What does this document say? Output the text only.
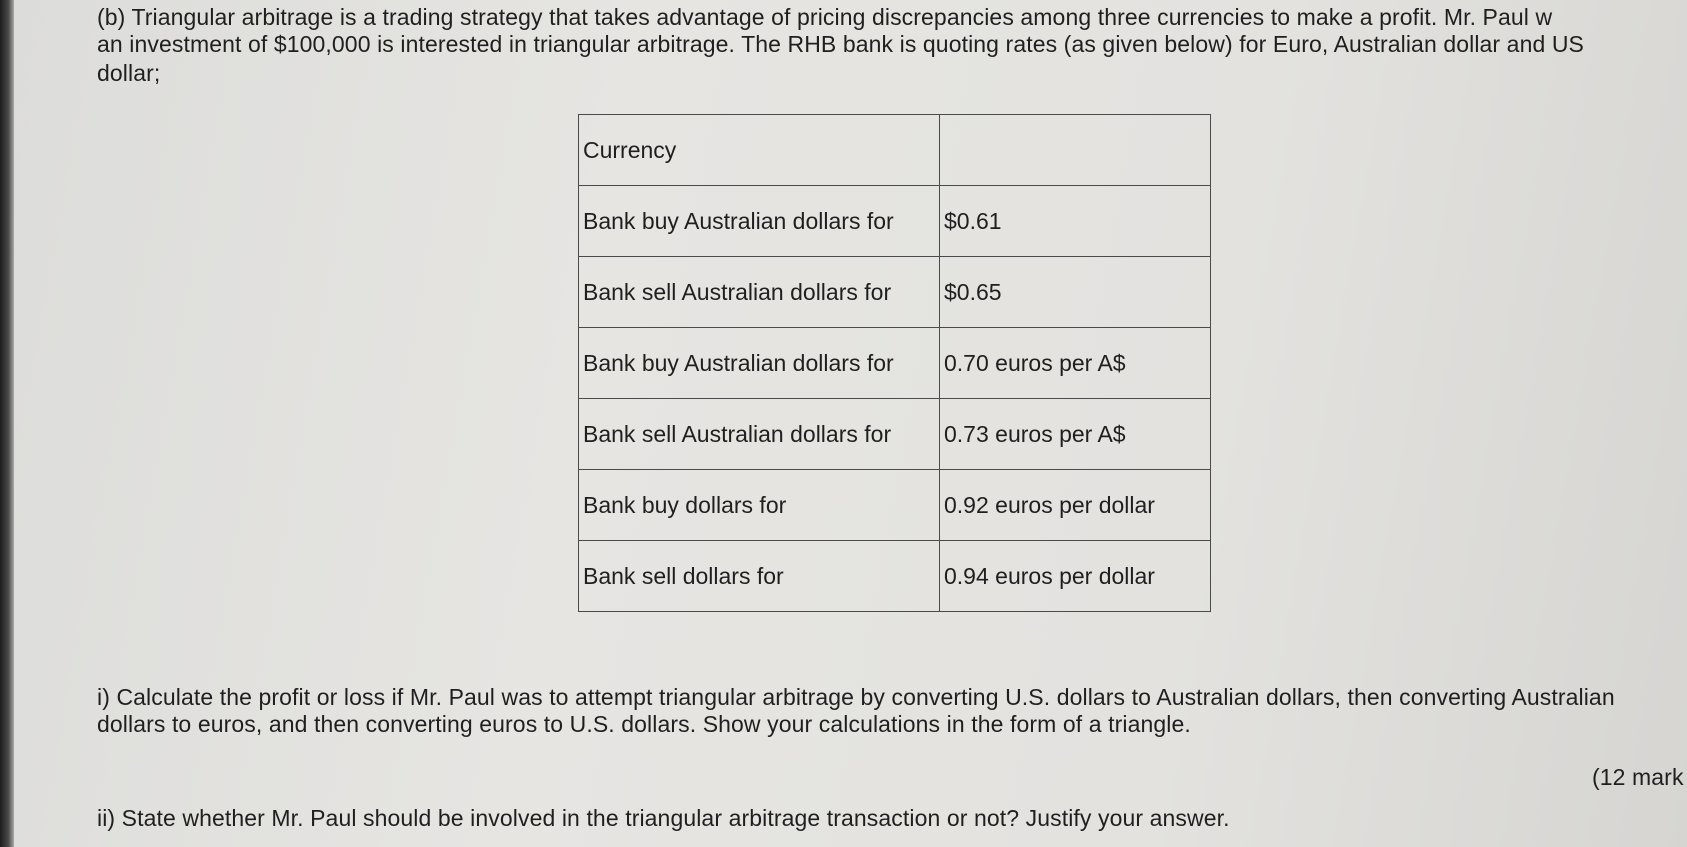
(b) Triangular arbitrage is a trading strategy that takes advantage of pricing discrepancies among three currencies to make a profit. Mr. Paul w
an investment of $100,000 is interested in triangular arbitrage. The RHB bank is quoting rates (as given below) for Euro, Australian dollar and US
dollar;
Currency	
Bank buy Australian dollars for	$0.61
Bank sell Australian dollars for	$0.65
Bank buy Australian dollars for	0.70 euros per A$
Bank sell Australian dollars for	0.73 euros per A$
Bank buy dollars for	0.92 euros per dollar
Bank sell dollars for	0.94 euros per dollar
i) Calculate the profit or loss if Mr. Paul was to attempt triangular arbitrage by converting U.S. dollars to Australian dollars, then converting Australian
dollars to euros, and then converting euros to U.S. dollars. Show your calculations in the form of a triangle.
(12 mark
ii) State whether Mr. Paul should be involved in the triangular arbitrage transaction or not? Justify your answer.
